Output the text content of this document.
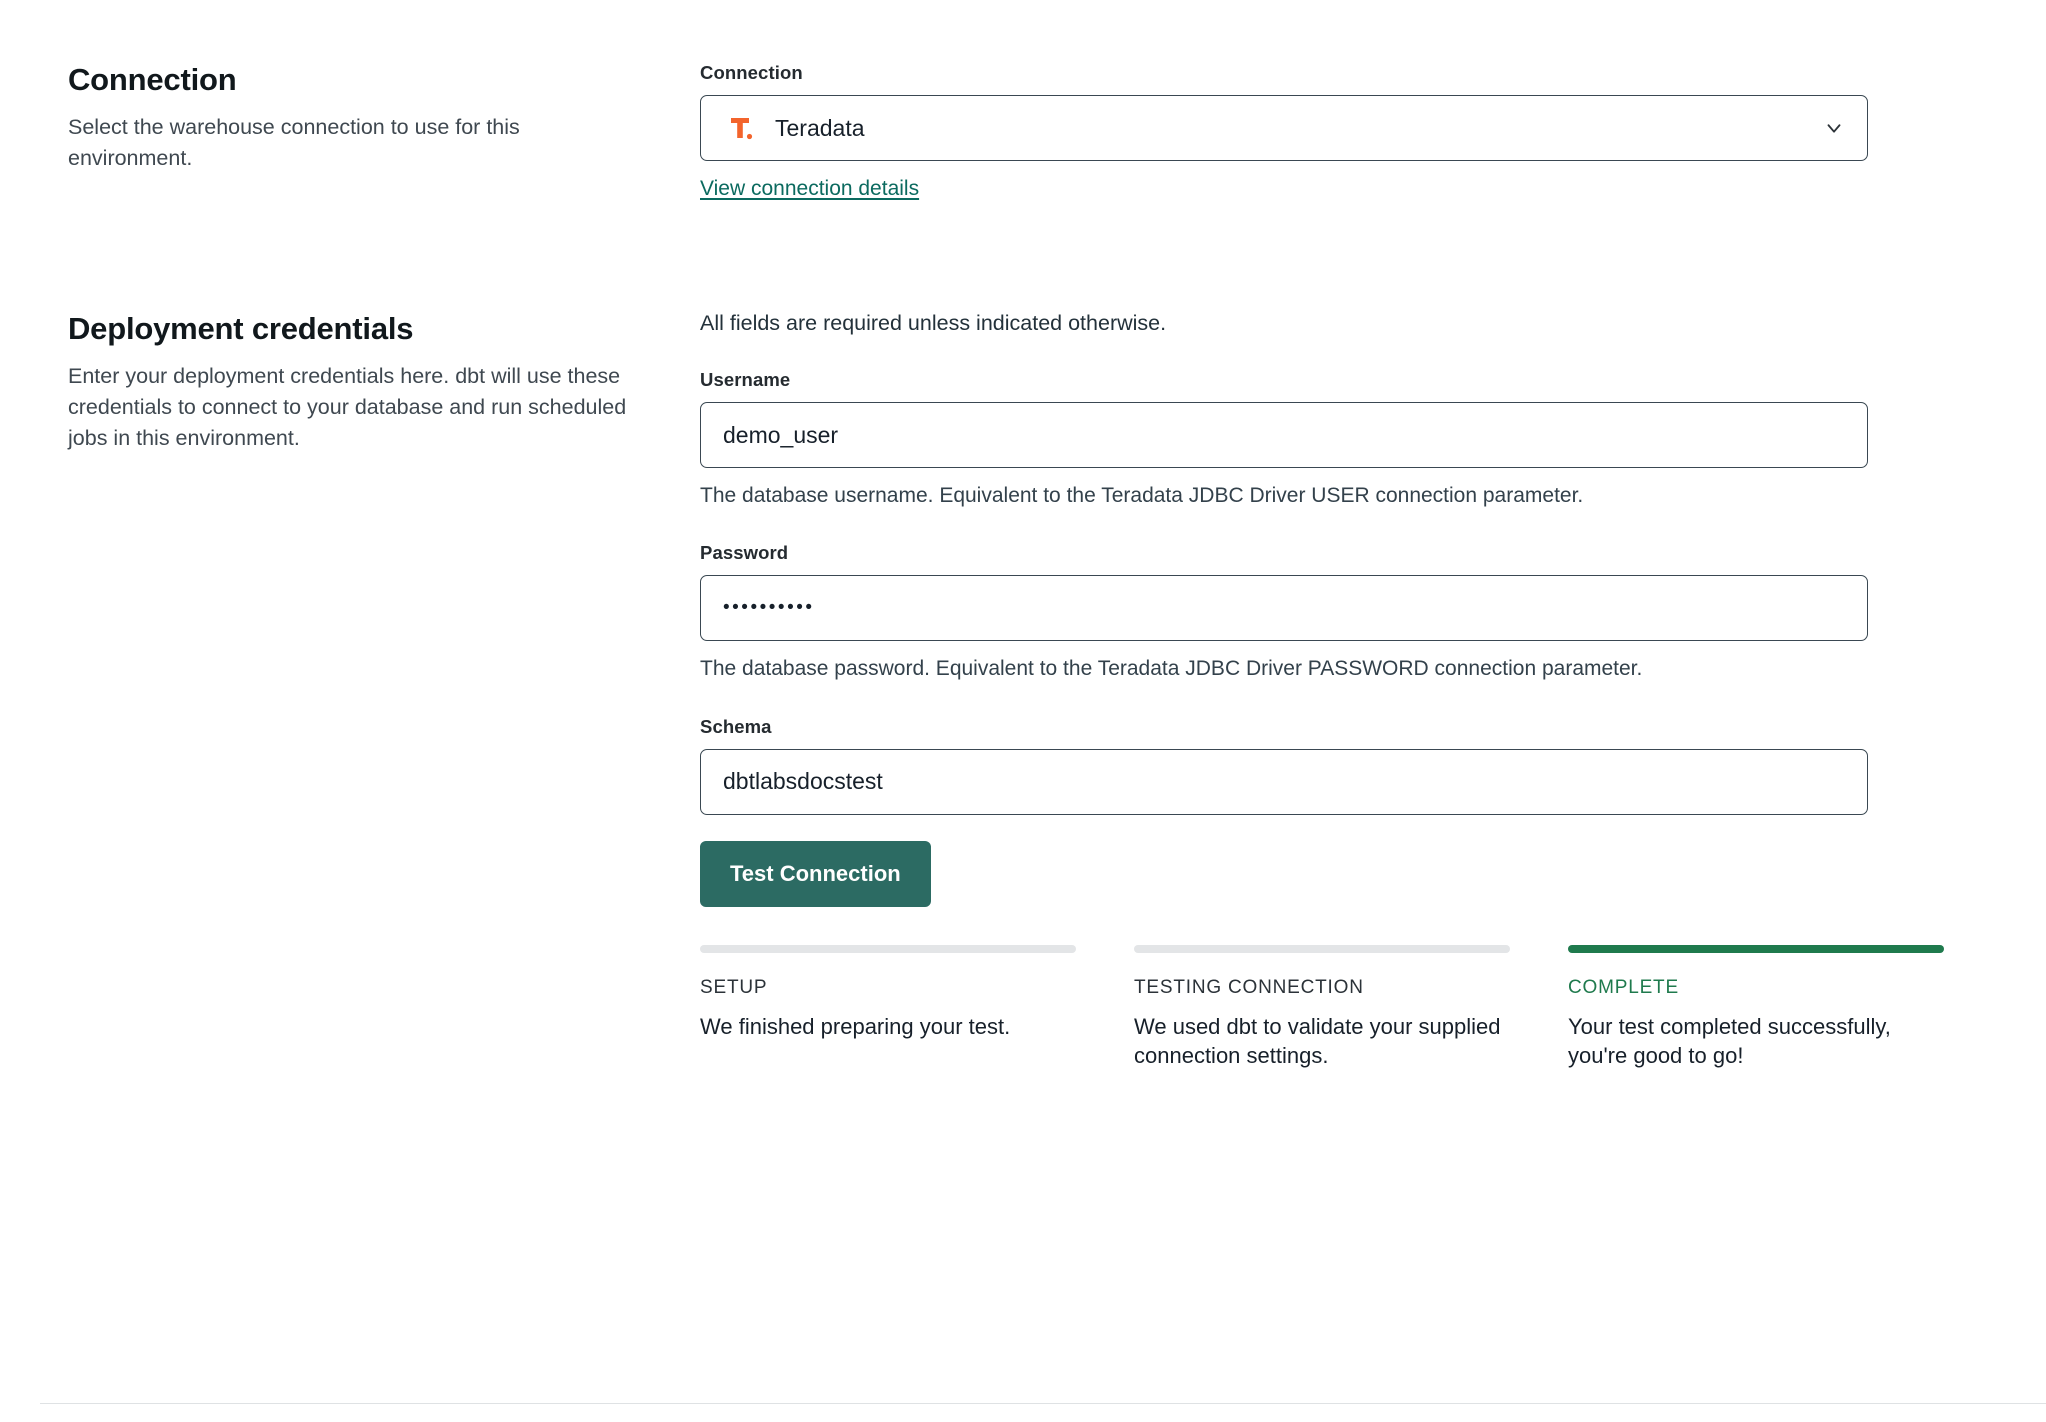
Connection

Select the warehouse connection to use for this environment.

Connection
Teradata
View connection details
Deployment credentials

Enter your deployment credentials here. dbt will use these credentials to connect to your database and run scheduled jobs in this environment.

All fields are required unless indicated otherwise.

Username
demo_user
The database username. Equivalent to the Teradata JDBC Driver USER connection parameter.
Password
••••••••••
The database password. Equivalent to the Teradata JDBC Driver PASSWORD connection parameter.
Schema
dbtlabsdocstest
Test Connection
SETUP
We finished preparing your test.
TESTING CONNECTION
We used dbt to validate your supplied connection settings.
COMPLETE
Your test completed successfully, you're good to go!
